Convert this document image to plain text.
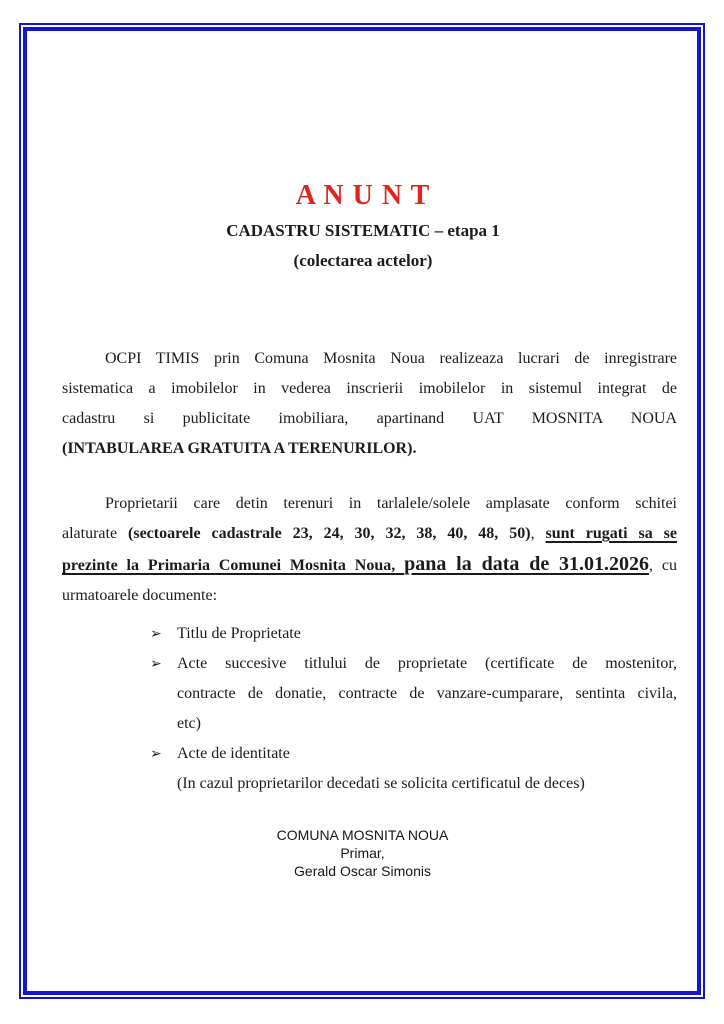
A N U N T
CADASTRU SISTEMATIC – etapa 1
(colectarea actelor)
OCPI TIMIS prin Comuna Mosnita Noua realizeaza lucrari de inregistrare
sistematica a imobilelor in vederea inscrierii imobilelor in sistemul integrat de
cadastru si publicitate imobiliara, apartinand UAT MOSNITA NOUA
(INTABULAREA GRATUITA A TERENURILOR).
Proprietarii care detin terenuri in tarlalele/solele amplasate conform schitei
alaturate (sectoarele cadastrale 23, 24, 30, 32, 38, 40, 48, 50), sunt rugati sa se
prezinte la Primaria Comunei Mosnita Noua, pana la data de 31.01.2026, cu
urmatoarele documente:
➢ Titlu de Proprietate
➢ Acte succesive titlului de proprietate (certificate de mostenitor,
contracte de donatie, contracte de vanzare-cumparare, sentinta civila,
etc)
➢ Acte de identitate
(In cazul proprietarilor decedati se solicita certificatul de deces)
COMUNA MOSNITA NOUA
Primar,
Gerald Oscar Simonis
